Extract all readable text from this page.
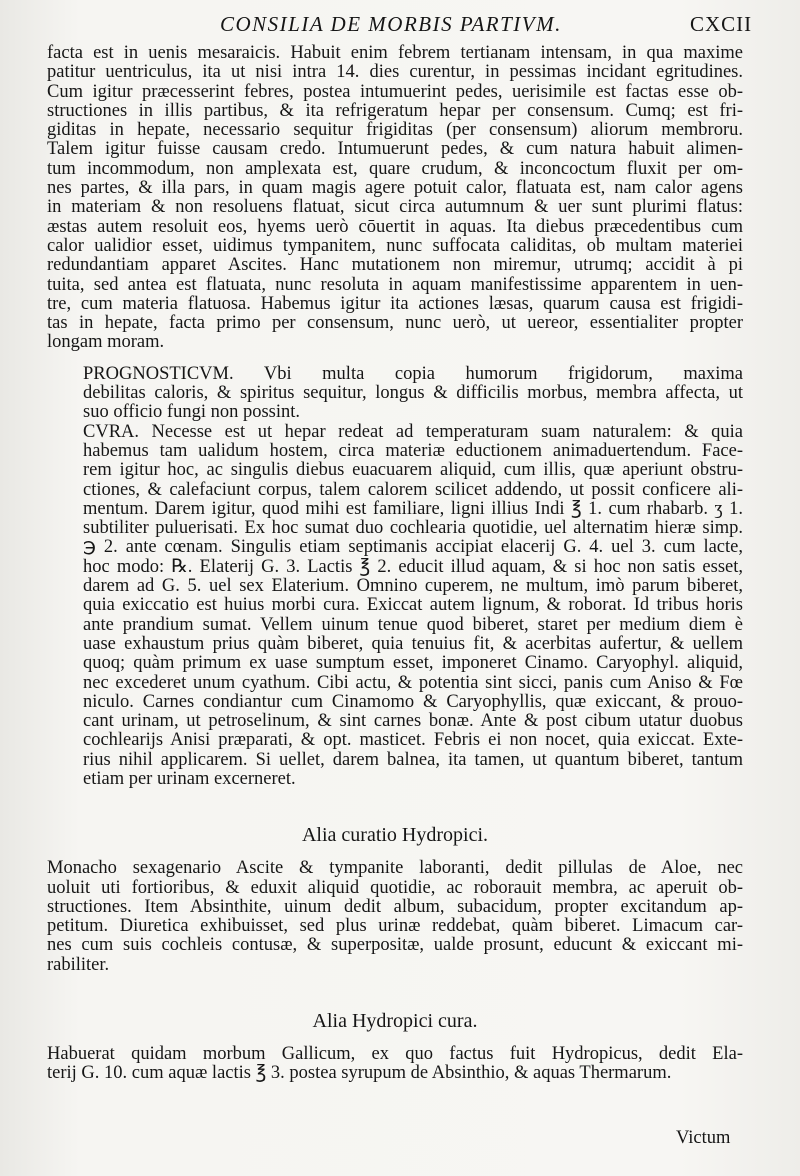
CONSILIA DE MORBIS PARTIVM.	CXCII
facta est in uenis mesaraicis. Habuit enim febrem tertianam intensam, in qua maxime
patitur uentriculus, ita ut nisi intra 14. dies curentur, in pessimas incidant egritudines.
Cum igitur præcesserint febres, postea intumuerint pedes, uerisimile est factas esse ob-
structiones in illis partibus, & ita refrigeratum hepar per consensum. Cumq; est fri-
giditas in hepate, necessario sequitur frigiditas (per consensum) aliorum membroru.
Talem igitur fuisse causam credo. Intumuerunt pedes, & cum natura habuit alimen-
tum incommodum, non amplexata est, quare crudum, & inconcoctum fluxit per om-
nes partes, & illa pars, in quam magis agere potuit calor, flatuata est, nam calor agens
in materiam & non resoluens flatuat, sicut circa autumnum & uer sunt plurimi flatus:
æstas autem resoluit eos, hyems uerò cōuertit in aquas. Ita diebus præcedentibus cum
calor ualidior esset, uidimus tympanitem, nunc suffocata caliditas, ob multam materiei
redundantiam apparet Ascites. Hanc mutationem non miremur, utrumq; accidit à pi
tuita, sed antea est flatuata, nunc resoluta in aquam manifestissime apparentem in uen-
tre, cum materia flatuosa. Habemus igitur ita actiones læsas, quarum causa est frigidi-
tas in hepate, facta primo per consensum, nunc uerò, ut uereor, essentialiter propter
longam moram.
PROGNOSTICVM. Vbi multa copia humorum frigidorum, maxima
debilitas caloris, & spiritus sequitur, longus & difficilis morbus, membra affecta, ut
suo officio fungi non possint.
CVRA. Necesse est ut hepar redeat ad temperaturam suam naturalem: & quia
habemus tam ualidum hostem, circa materiæ eductionem animaduertendum. Face-
rem igitur hoc, ac singulis diebus euacuarem aliquid, cum illis, quæ aperiunt obstru-
ctiones, & calefaciunt corpus, talem calorem scilicet addendo, ut possit conficere ali-
mentum. Darem igitur, quod mihi est familiare, ligni illius Indi ℥ 1. cum rhabarb. ʒ 1.
subtiliter puluerisati. Ex hoc sumat duo cochlearia quotidie, uel alternatim hieræ simp.
℈ 2. ante cœnam. Singulis etiam septimanis accipiat elacerij G. 4. uel 3. cum lacte,
hoc modo: ℞. Elaterij G. 3. Lactis ℥ 2. educit illud aquam, & si hoc non satis esset,
darem ad G. 5. uel sex Elaterium. Omnino cuperem, ne multum, imò parum biberet,
quia exiccatio est huius morbi cura. Exiccat autem lignum, & roborat. Id tribus horis
ante prandium sumat. Vellem uinum tenue quod biberet, staret per medium diem è
uase exhaustum prius quàm biberet, quia tenuius fit, & acerbitas aufertur, & uellem
quoq; quàm primum ex uase sumptum esset, imponeret Cinamo. Caryophyl. aliquid,
nec excederet unum cyathum. Cibi actu, & potentia sint sicci, panis cum Aniso & Fœ
niculo. Carnes condiantur cum Cinamomo & Caryophyllis, quæ exiccant, & prouo-
cant urinam, ut petroselinum, & sint carnes bonæ. Ante & post cibum utatur duobus
cochlearijs Anisi præparati, & opt. masticet. Febris ei non nocet, quia exiccat. Exte-
rius nihil applicarem. Si uellet, darem balnea, ita tamen, ut quantum biberet, tantum
etiam per urinam excerneret.
Alia curatio Hydropici.
Monacho sexagenario Ascite & tympanite laboranti, dedit pillulas de Aloe, nec
uoluit uti fortioribus, & eduxit aliquid quotidie, ac roborauit membra, ac aperuit ob-
structiones. Item Absinthite, uinum dedit album, subacidum, propter excitandum ap-
petitum. Diuretica exhibuisset, sed plus urinæ reddebat, quàm biberet. Limacum car-
nes cum suis cochleis contusæ, & superpositæ, ualde prosunt, educunt & exiccant mi-
rabiliter.
Alia Hydropici cura.
Habuerat quidam morbum Gallicum, ex quo factus fuit Hydropicus, dedit Ela-
terij G. 10. cum aquæ lactis ℥ 3. postea syrupum de Absinthio, & aquas Thermarum.
Victum
